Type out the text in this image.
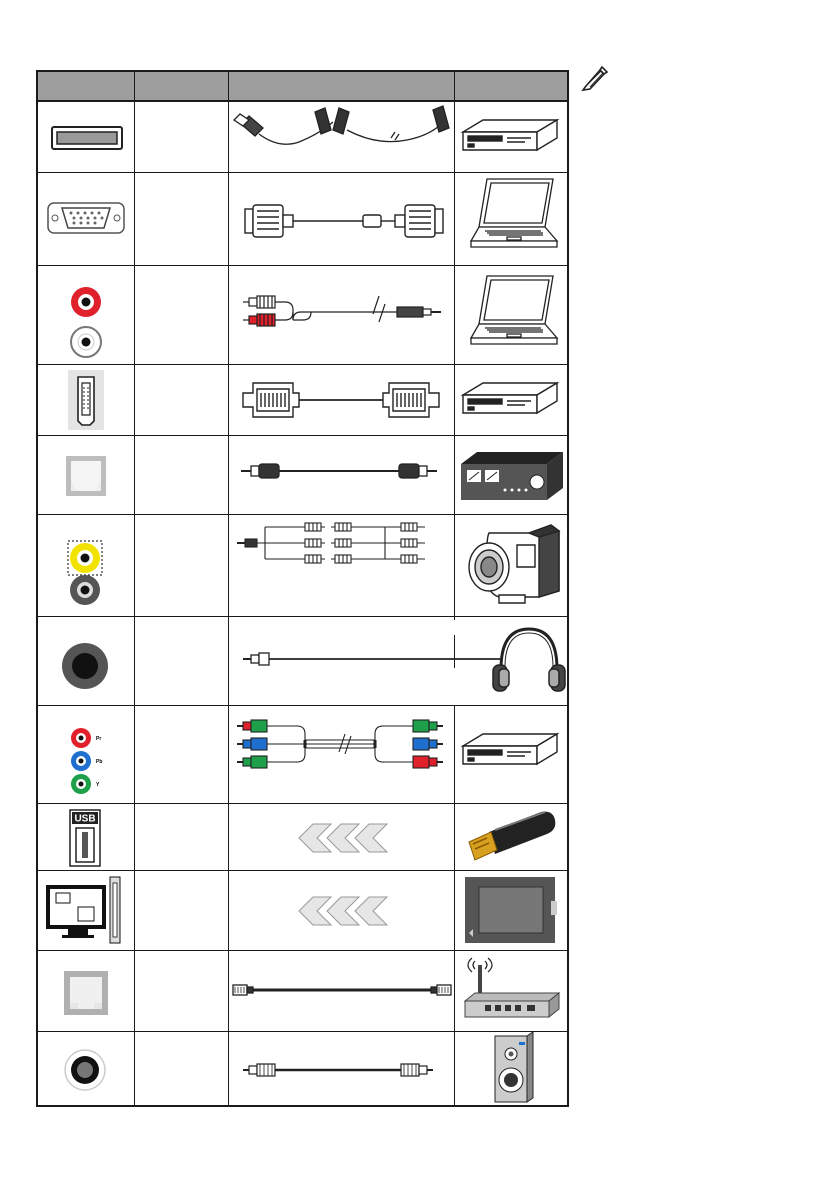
Pr
Pb
Y
USB
